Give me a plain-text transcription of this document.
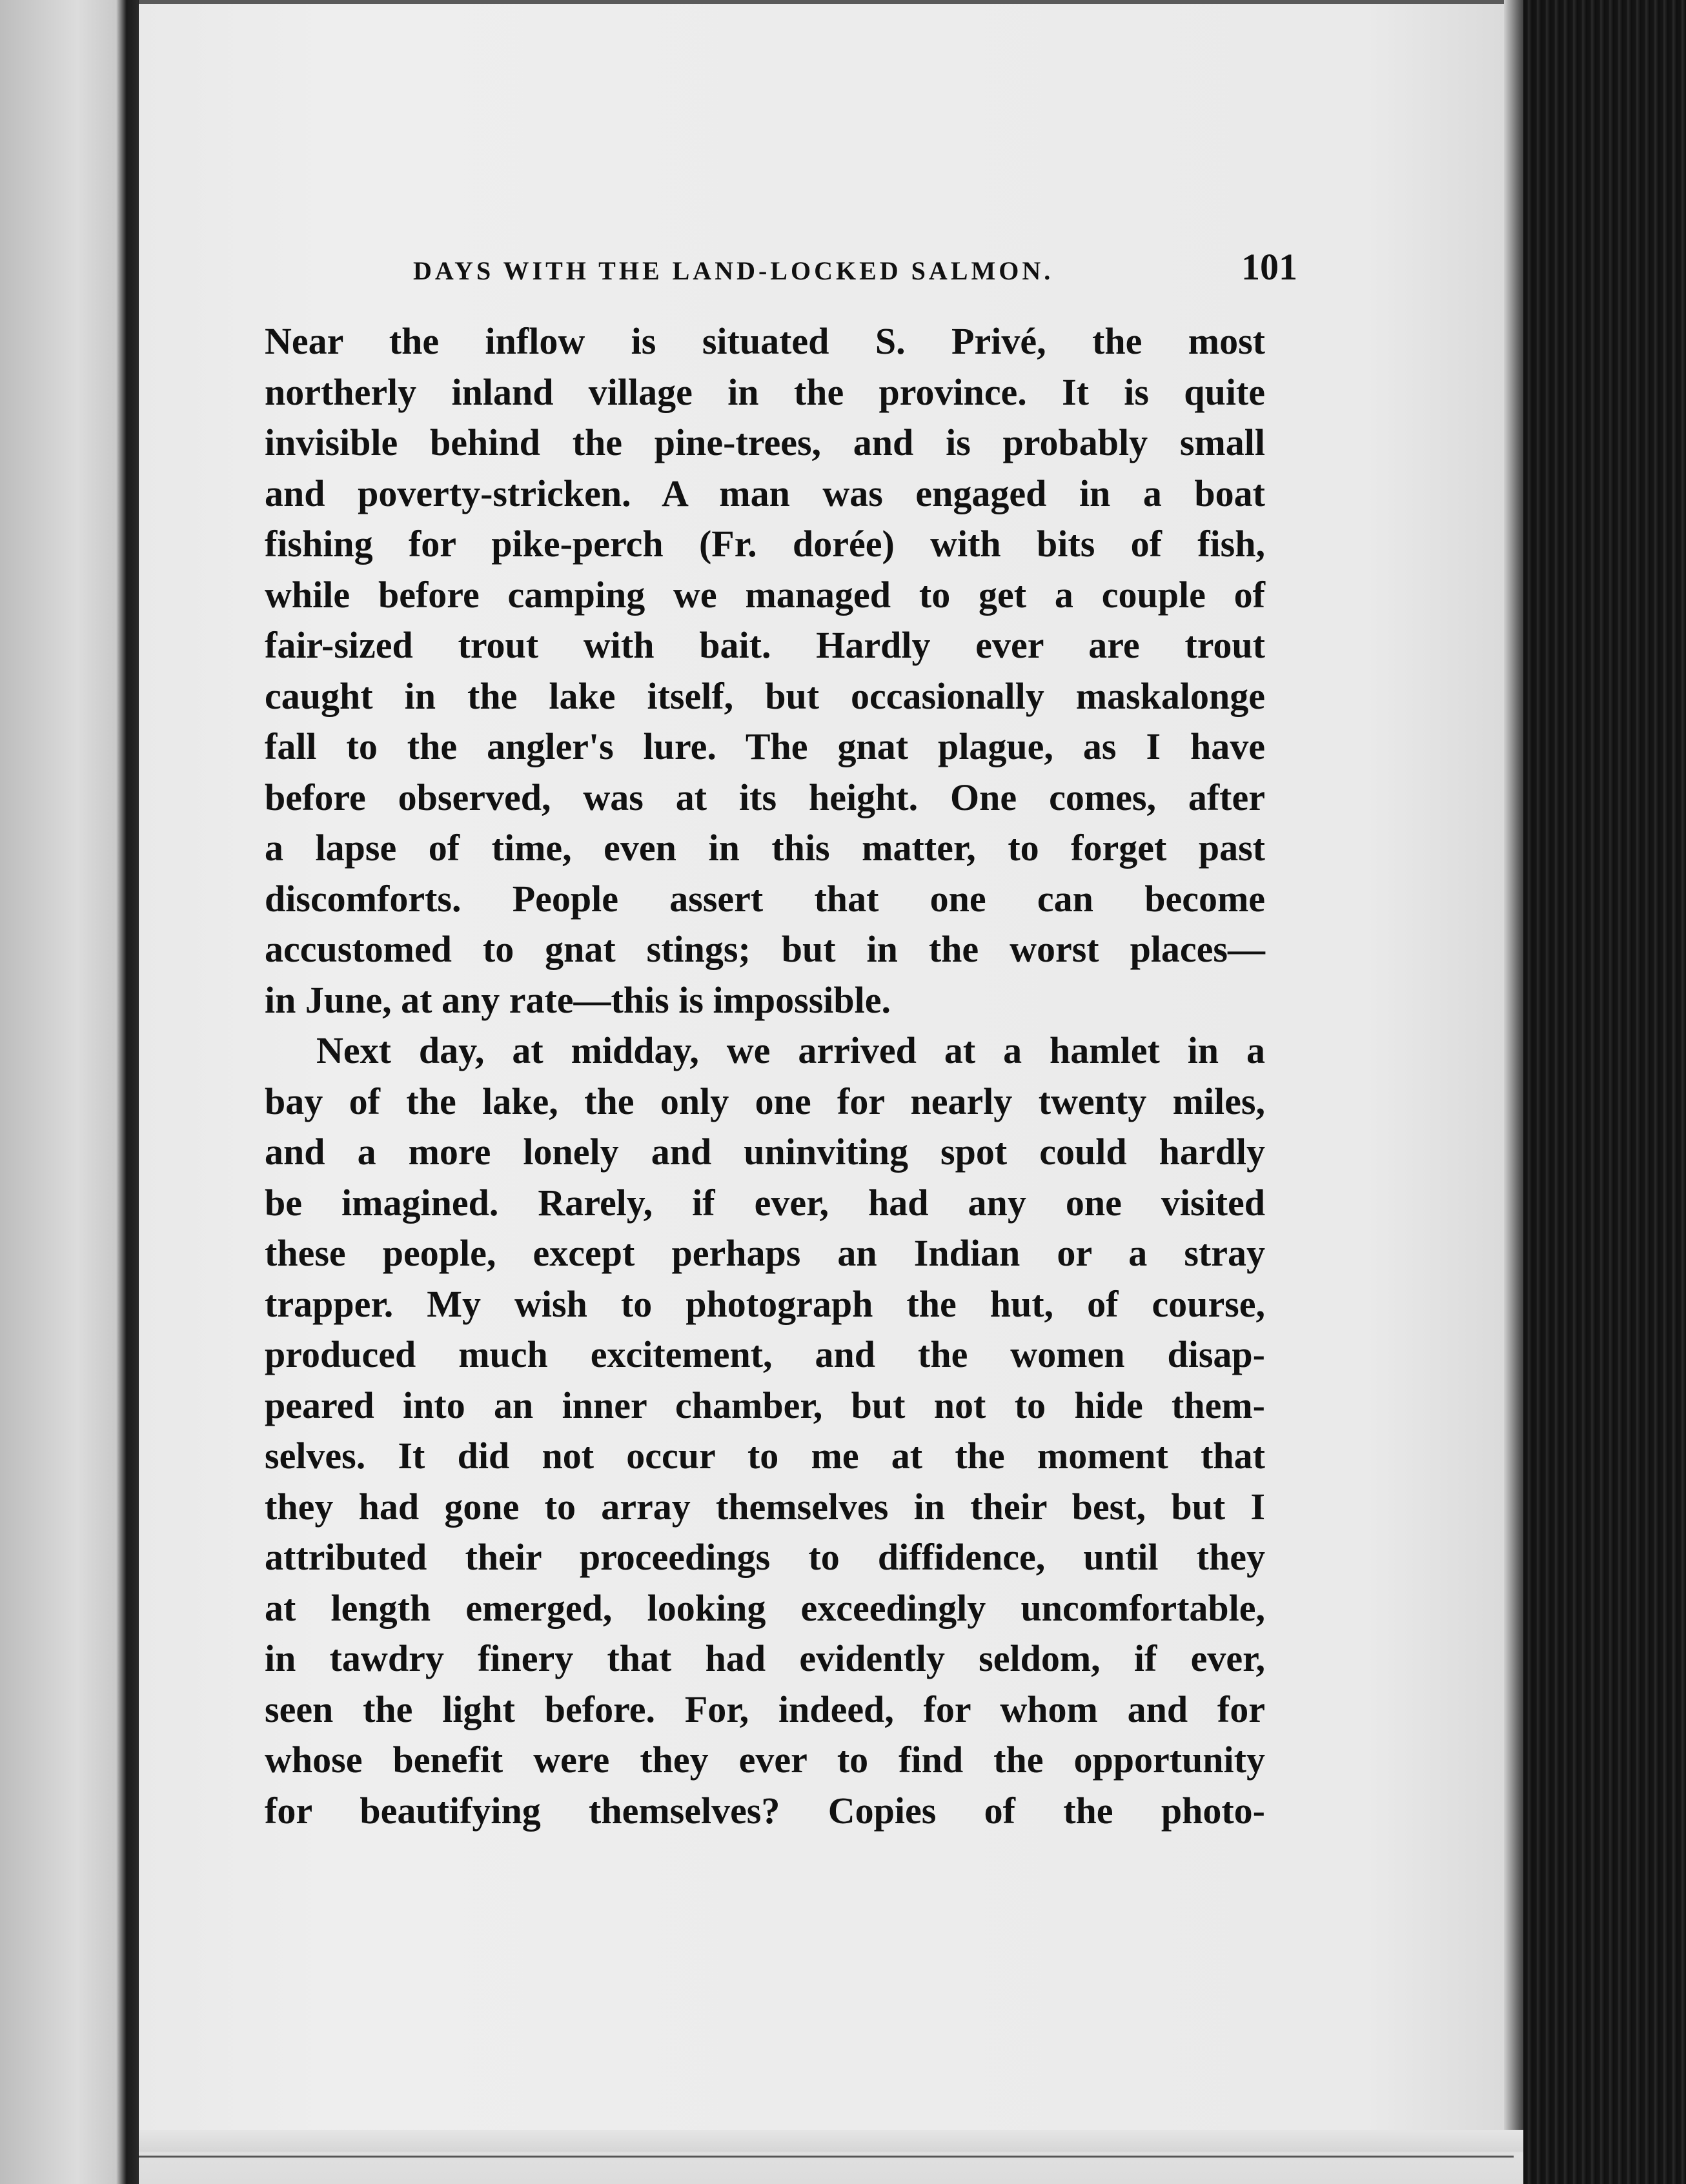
DAYS WITH THE LAND-LOCKED SALMON.	101

Near the inflow is situated S. Privé, the most
northerly inland village in the province. It is quite
invisible behind the pine-trees, and is probably small
and poverty-stricken. A man was engaged in a boat
fishing for pike-perch (Fr. dorée) with bits of fish,
while before camping we managed to get a couple of
fair-sized trout with bait. Hardly ever are trout
caught in the lake itself, but occasionally maskalonge
fall to the angler's lure. The gnat plague, as I have
before observed, was at its height. One comes, after
a lapse of time, even in this matter, to forget past
discomforts. People assert that one can become
accustomed to gnat stings; but in the worst places—
in June, at any rate—this is impossible.

Next day, at midday, we arrived at a hamlet in a
bay of the lake, the only one for nearly twenty miles,
and a more lonely and uninviting spot could hardly
be imagined. Rarely, if ever, had any one visited
these people, except perhaps an Indian or a stray
trapper. My wish to photograph the hut, of course,
produced much excitement, and the women disap-
peared into an inner chamber, but not to hide them-
selves. It did not occur to me at the moment that
they had gone to array themselves in their best, but I
attributed their proceedings to diffidence, until they
at length emerged, looking exceedingly uncomfortable,
in tawdry finery that had evidently seldom, if ever,
seen the light before. For, indeed, for whom and for
whose benefit were they ever to find the opportunity
for beautifying themselves? Copies of the photo-
